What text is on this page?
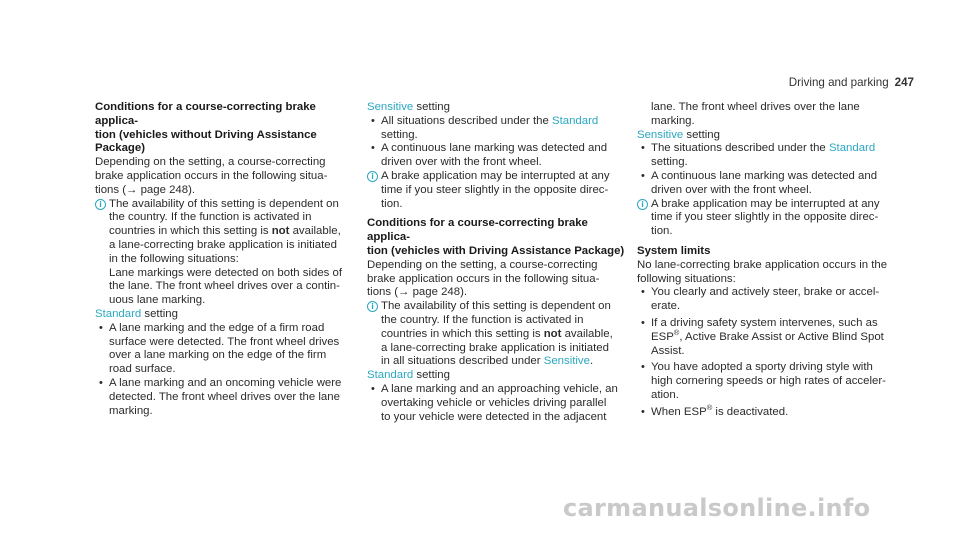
Driving and parking 247
Conditions for a course-correcting brake applica-
tion (vehicles without Driving Assistance Package)
Depending on the setting, a course-correcting
brake application occurs in the following situa-
tions (→ page 248).
i The availability of this setting is dependent on
the country. If the function is activated in
countries in which this setting is not available,
a lane-correcting brake application is initiated
in the following situations:
Lane markings were detected on both sides of
the lane. The front wheel drives over a contin-
uous lane marking.
Standard setting
• A lane marking and the edge of a firm road
surface were detected. The front wheel drives
over a lane marking on the edge of the firm
road surface.
• A lane marking and an oncoming vehicle were
detected. The front wheel drives over the lane
marking.
Sensitive setting
• All situations described under the Standard
setting.
• A continuous lane marking was detected and
driven over with the front wheel.
i A brake application may be interrupted at any
time if you steer slightly in the opposite direc-
tion.
Conditions for a course-correcting brake applica-
tion (vehicles with Driving Assistance Package)
Depending on the setting, a course-correcting
brake application occurs in the following situa-
tions (→ page 248).
i The availability of this setting is dependent on
the country. If the function is activated in
countries in which this setting is not available,
a lane-correcting brake application is initiated
in all situations described under Sensitive.
Standard setting
• A lane marking and an approaching vehicle, an
overtaking vehicle or vehicles driving parallel
to your vehicle were detected in the adjacent
lane. The front wheel drives over the lane
marking.
Sensitive setting
• The situations described under the Standard
setting.
• A continuous lane marking was detected and
driven over with the front wheel.
i A brake application may be interrupted at any
time if you steer slightly in the opposite direc-
tion.
System limits
No lane-correcting brake application occurs in the
following situations:
• You clearly and actively steer, brake or accel-
erate.
• If a driving safety system intervenes, such as
ESP®, Active Brake Assist or Active Blind Spot
Assist.
• You have adopted a sporty driving style with
high cornering speeds or high rates of acceler-
ation.
• When ESP® is deactivated.
carmanualsonline.info
